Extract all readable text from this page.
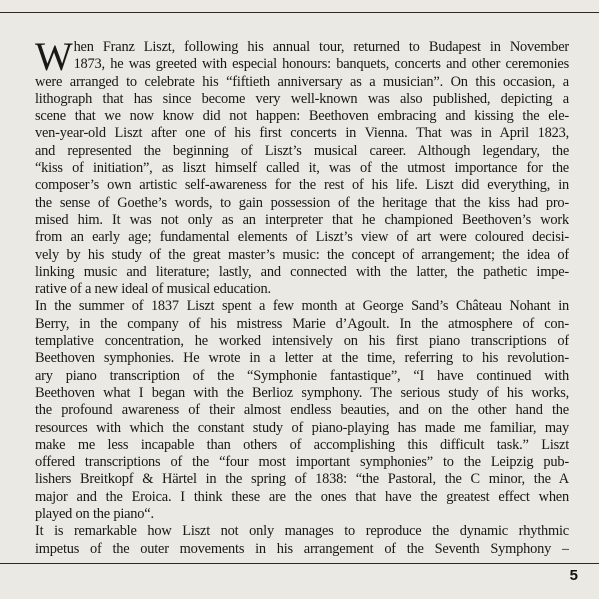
W hen Franz Liszt, following his annual tour, returned to Budapest in November
1873, he was greeted with especial honours: banquets, concerts and other ceremonies
were arranged to celebrate his “fiftieth anniversary as a musician”. On this occasion, a
lithograph that has since become very well-known was also published, depicting a
scene that we now know did not happen: Beethoven embracing and kissing the ele-
ven-year-old Liszt after one of his first concerts in Vienna. That was in April 1823,
and represented the beginning of Liszt’s musical career. Although legendary, the
“kiss of initiation”, as liszt himself called it, was of the utmost importance for the
composer’s own artistic self-awareness for the rest of his life. Liszt did everything, in
the sense of Goethe’s words, to gain possession of the heritage that the kiss had pro-
mised him. It was not only as an interpreter that he championed Beethoven’s work
from an early age; fundamental elements of Liszt’s view of art were coloured decisi-
vely by his study of the great master’s music: the concept of arrangement; the idea of
linking music and literature; lastly, and connected with the latter, the pathetic impe-
rative of a new ideal of musical education.
In the summer of 1837 Liszt spent a few month at George Sand’s Château Nohant in
Berry, in the company of his mistress Marie d’Agoult. In the atmosphere of con-
templative concentration, he worked intensively on his first piano transcriptions of
Beethoven symphonies. He wrote in a letter at the time, referring to his revolution-
ary piano transcription of the “Symphonie fantastique”, “I have continued with
Beethoven what I began with the Berlioz symphony. The serious study of his works,
the profound awareness of their almost endless beauties, and on the other hand the
resources with which the constant study of piano-playing has made me familiar, may
make me less incapable than others of accomplishing this difficult task.” Liszt
offered transcriptions of the “four most important symphonies” to the Leipzig pub-
lishers Breitkopf & Härtel in the spring of 1838: “the Pastoral, the C minor, the A
major and the Eroica. I think these are the ones that have the greatest effect when
played on the piano“.
It is remarkable how Liszt not only manages to reproduce the dynamic rhythmic
impetus of the outer movements in his arrangement of the Seventh Symphony –
5
